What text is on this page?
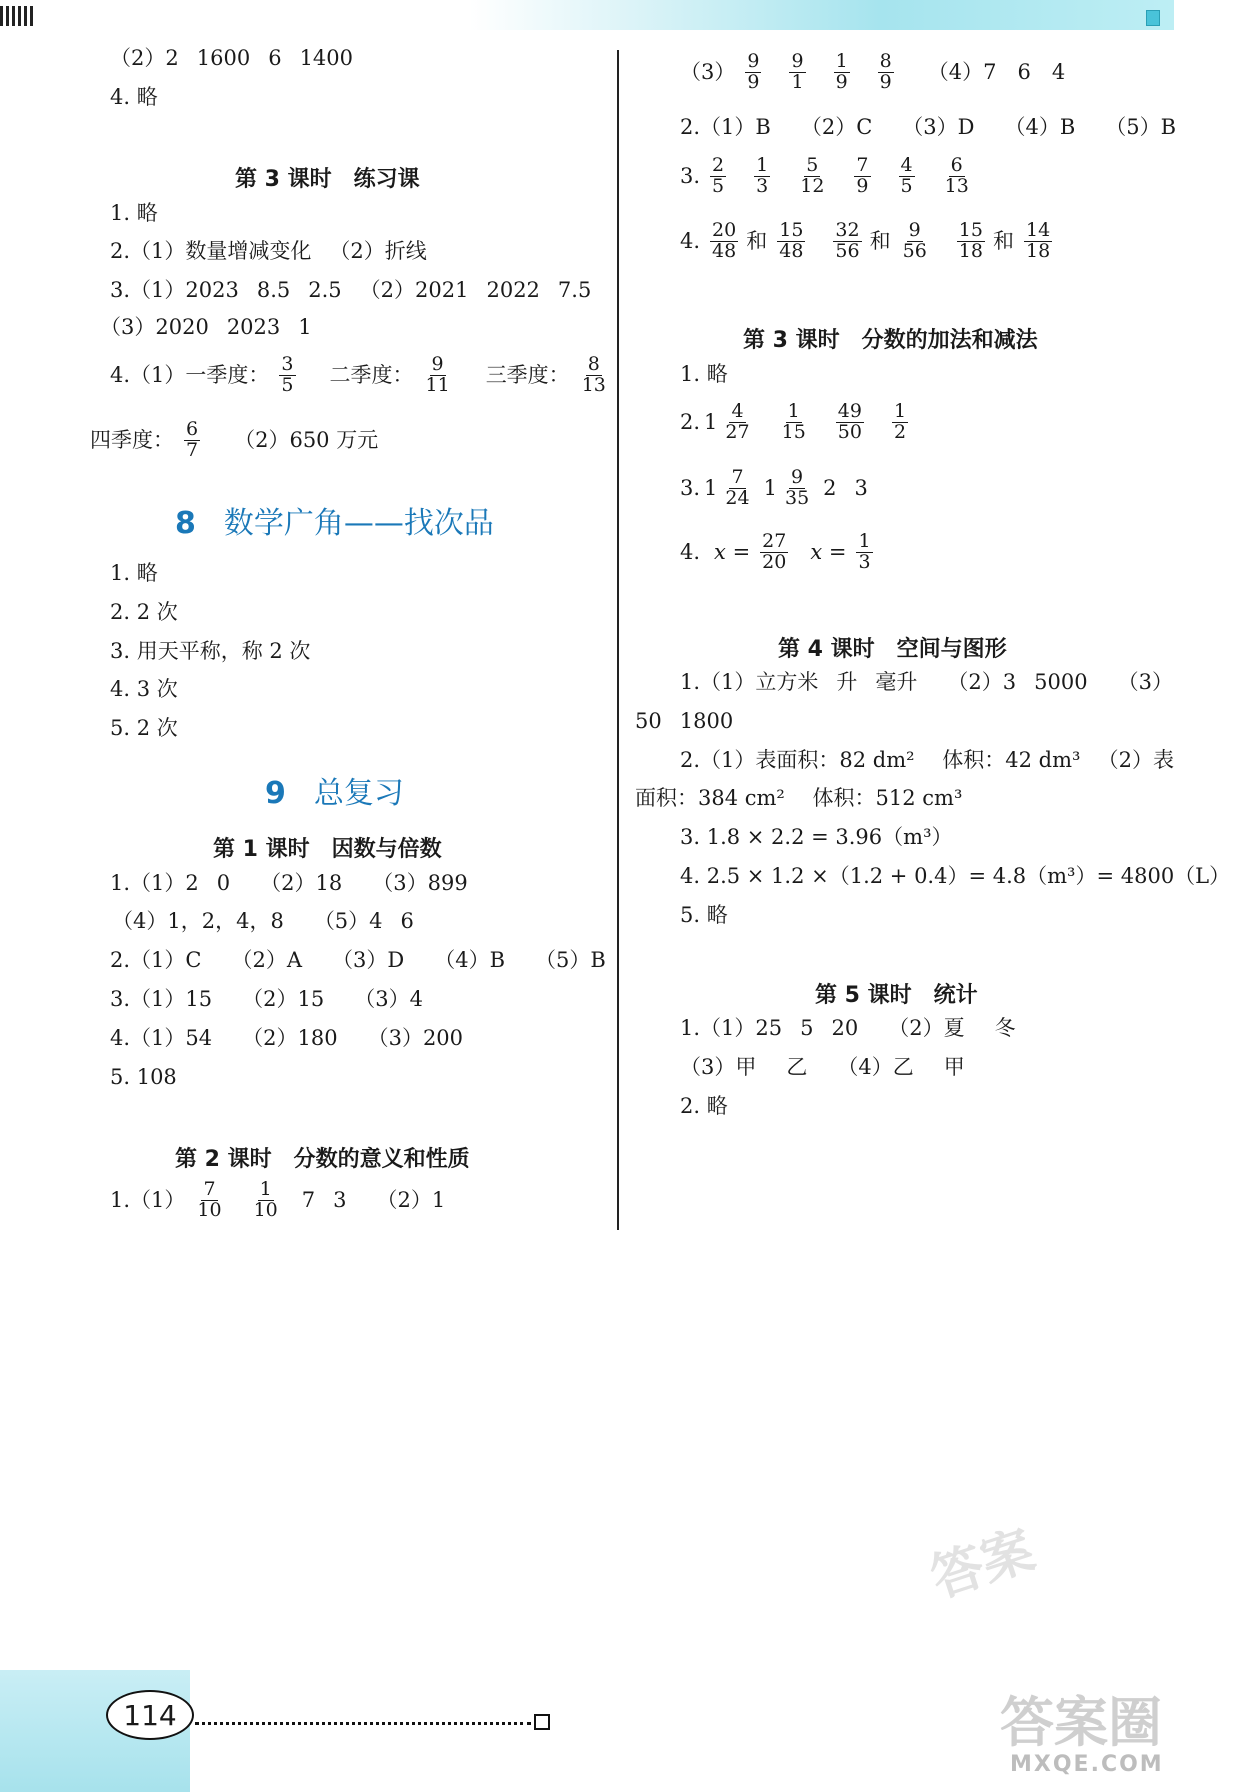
（2）2 1600 6 1400
4. 略
第 3 课时　练习课
1. 略
2.（1）数量增减变化 （2）折线
3.（1）2023 8.5 2.5 （2）2021 2022 7.5
（3）2020 2023 1
4.（1）一季度： $\frac{3}{5}$ 二季度： $\frac{9}{11}$ 三季度： $\frac{8}{13}$
四季度： $\frac{6}{7} (2)650$ 万元
8 数学广角——找次品
1. 略
2. 2 次
3. 用天平称，称 2 次
4. 3 次
5. 2 次
9 总复习
第 1 课时　因数与倍数
1.（1）2 0 （2）18 （3）899
（4）1，2，4，8 （5）4 6
2.（1）C （2）A （3）D （4）B （5）B
3.（1）15 （2）15 （3）4
4.（1）54 （2）180 （3）200
5. 108
第 2 课时　分数的意义和性质
$1.(1) \frac{7}{10} \frac{1}{10} 7$ 3 （2）1
$(3) \frac{9}{9} \frac{9}{1} \frac{1}{9} \frac{8}{9} (4)7$　6　4
2.（1）B （2）C （3）D （4）B （5）B
3. $\frac{2}{5} \frac{1}{3} \frac{5}{12} \frac{7}{9} \frac{4}{5} \frac{6}{13}$
4. $\frac{20}{48}$ 和 $\frac{15}{48} \frac{32}{56}$ 和 $\frac{9}{56} \frac{15}{18}$ 和 $\frac{14}{18}$
第 3 课时　分数的加法和减法
1. 略
2. $1 \frac{4}{27} \frac{1}{15} \frac{49}{50} \frac{1}{2}$
3. $1 \frac{7}{24} 1 \frac{9}{35} 2$ 3
4. $x = \frac{27}{20}$ $x = \frac{1}{3}$
第 4 课时　空间与图形
1.（1）立方米 升 毫升 （2）3 5000 （3）
50 1800
2.（1）表面积：82 dm² 　体积：42 dm³ 　（2）表
面积：384 cm² 　体积：512 cm³
3. 1.8 × 2.2 = 3.96（m³）
4. 2.5 × 1.2 ×（1.2 + 0.4）= 4.8（m³）= 4800（L）
5. 略
第 5 课时　统计
1.（1）25 5 20 （2）夏 冬
（3）甲 乙 （4）乙 甲
2. 略
答案
答案圈
MXQE.COM
114
